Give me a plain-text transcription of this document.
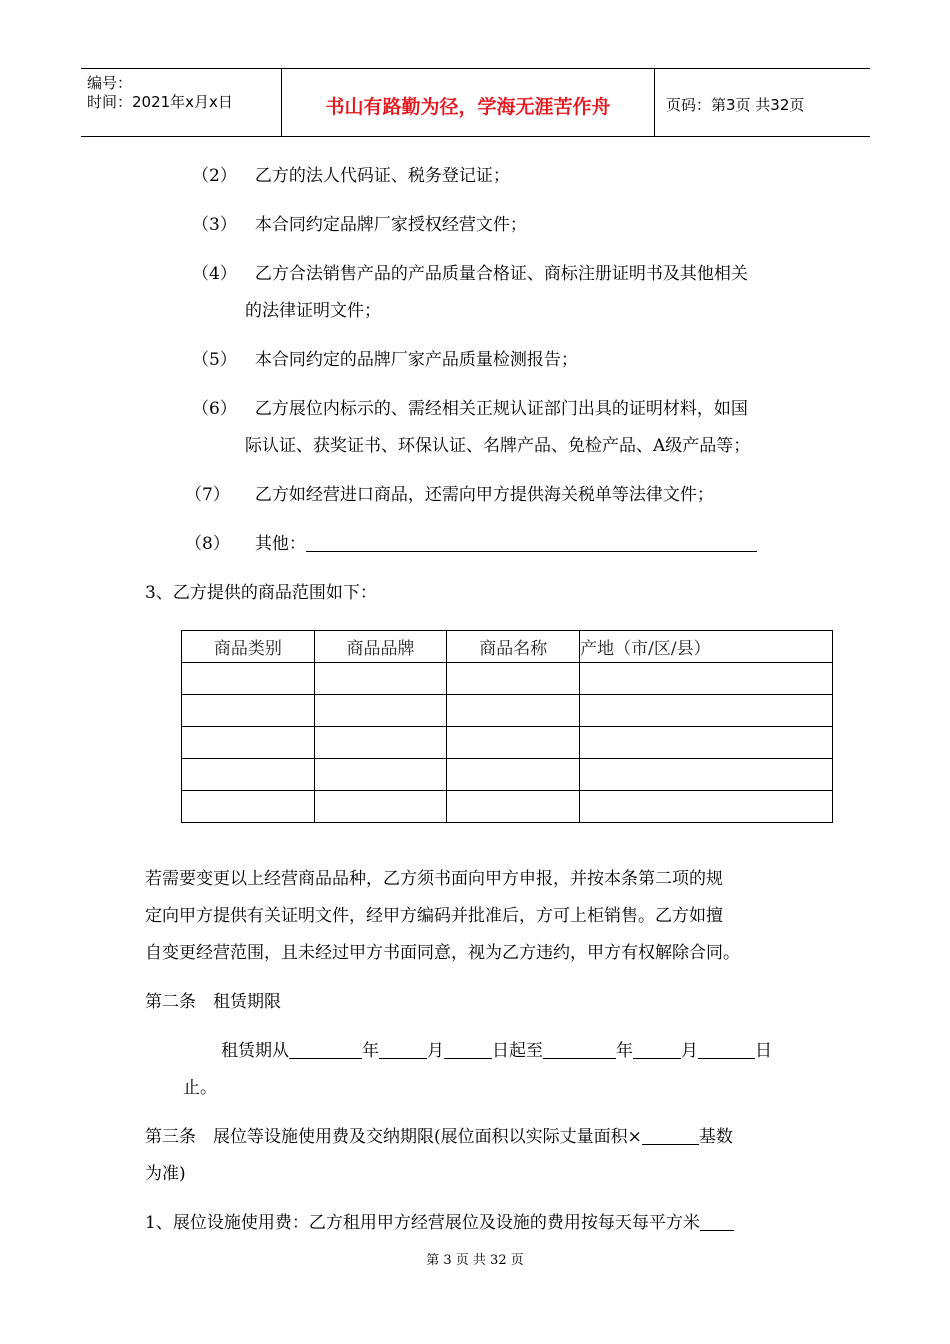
编号：
时间：2021年x月x日	书山有路勤为径，学海无涯苦作舟	页码：第3页 共32页
（2） 乙方的法人代码证、税务登记证；
（3） 本合同约定品牌厂家授权经营文件；
（4） 乙方合法销售产品的产品质量合格证、商标注册证明书及其他相关
的法律证明文件；
（5） 本合同约定的品牌厂家产品质量检测报告；
（6） 乙方展位内标示的、需经相关正规认证部门出具的证明材料，如国
际认证、获奖证书、环保认证、名牌产品、免检产品、A级产品等；
（7） 乙方如经营进口商品，还需向甲方提供海关税单等法律文件；
（8） 其他：
3、乙方提供的商品范围如下：
商品类别	商品品牌	商品名称	产地（市/区/县）

若需要变更以上经营商品品种，乙方须书面向甲方申报，并按本条第二项的规
定向甲方提供有关证明文件，经甲方编码并批准后，方可上柜销售。乙方如擅
自变更经营范围，且未经过甲方书面同意，视为乙方违约，甲方有权解除合同。
第二条　租赁期限
租赁期从	年	月	日起至	年	月	日
止。
第三条　展位等设施使用费及交纳期限(展位面积以实际丈量面积×	基数
为准)
1、展位设施使用费：乙方租用甲方经营展位及设施的费用按每天每平方米
第 3 页 共 32 页
